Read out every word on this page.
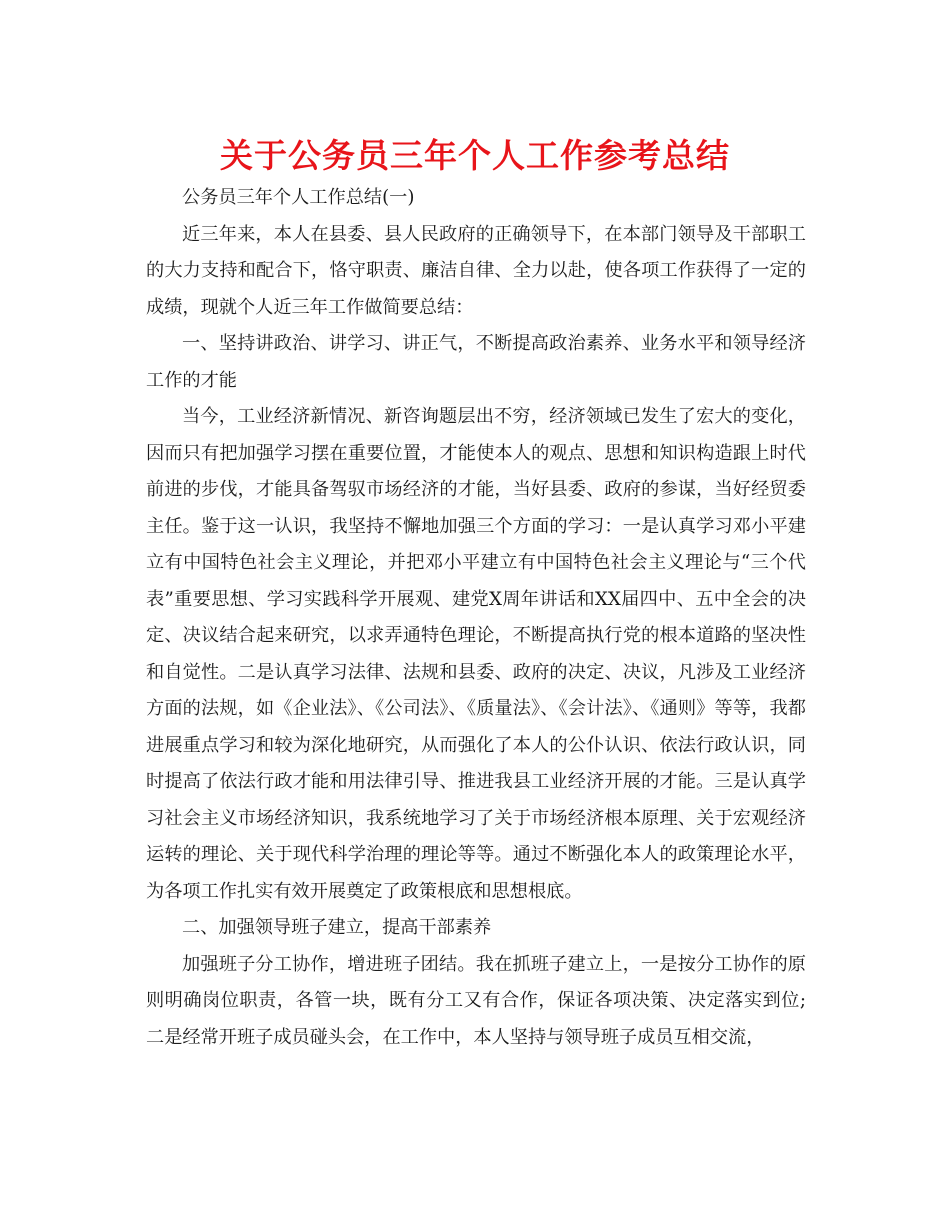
关于公务员三年个人工作参考总结

公务员三年个人工作总结(一)

近三年来，本人在县委、县人民政府的正确领导下，在本部门领导及干部职工的大力支持和配合下，恪守职责、廉洁自律、全力以赴，使各项工作获得了一定的成绩，现就个人近三年工作做简要总结：

一、坚持讲政治、讲学习、讲正气，不断提高政治素养、业务水平和领导经济工作的才能

当今，工业经济新情况、新咨询题层出不穷，经济领域已发生了宏大的变化，因而只有把加强学习摆在重要位置，才能使本人的观点、思想和知识构造跟上时代前进的步伐，才能具备驾驭市场经济的才能，当好县委、政府的参谋，当好经贸委主任。鉴于这一认识，我坚持不懈地加强三个方面的学习：一是认真学习邓小平建立有中国特色社会主义理论，并把邓小平建立有中国特色社会主义理论与“三个代表”重要思想、学习实践科学开展观、建党X周年讲话和XX届四中、五中全会的决定、决议结合起来研究，以求弄通特色理论，不断提高执行党的根本道路的坚决性和自觉性。二是认真学习法律、法规和县委、政府的决定、决议，凡涉及工业经济方面的法规，如《企业法》、《公司法》、《质量法》、《会计法》、《通则》等等，我都进展重点学习和较为深化地研究，从而强化了本人的公仆认识、依法行政认识，同时提高了依法行政才能和用法律引导、推进我县工业经济开展的才能。三是认真学习社会主义市场经济知识，我系统地学习了关于市场经济根本原理、关于宏观经济运转的理论、关于现代科学治理的理论等等。通过不断强化本人的政策理论水平，为各项工作扎实有效开展奠定了政策根底和思想根底。

二、加强领导班子建立，提高干部素养

加强班子分工协作，增进班子团结。我在抓班子建立上，一是按分工协作的原则明确岗位职责，各管一块，既有分工又有合作，保证各项决策、决定落实到位;二是经常开班子成员碰头会，在工作中，本人坚持与领导班子成员互相交流，
